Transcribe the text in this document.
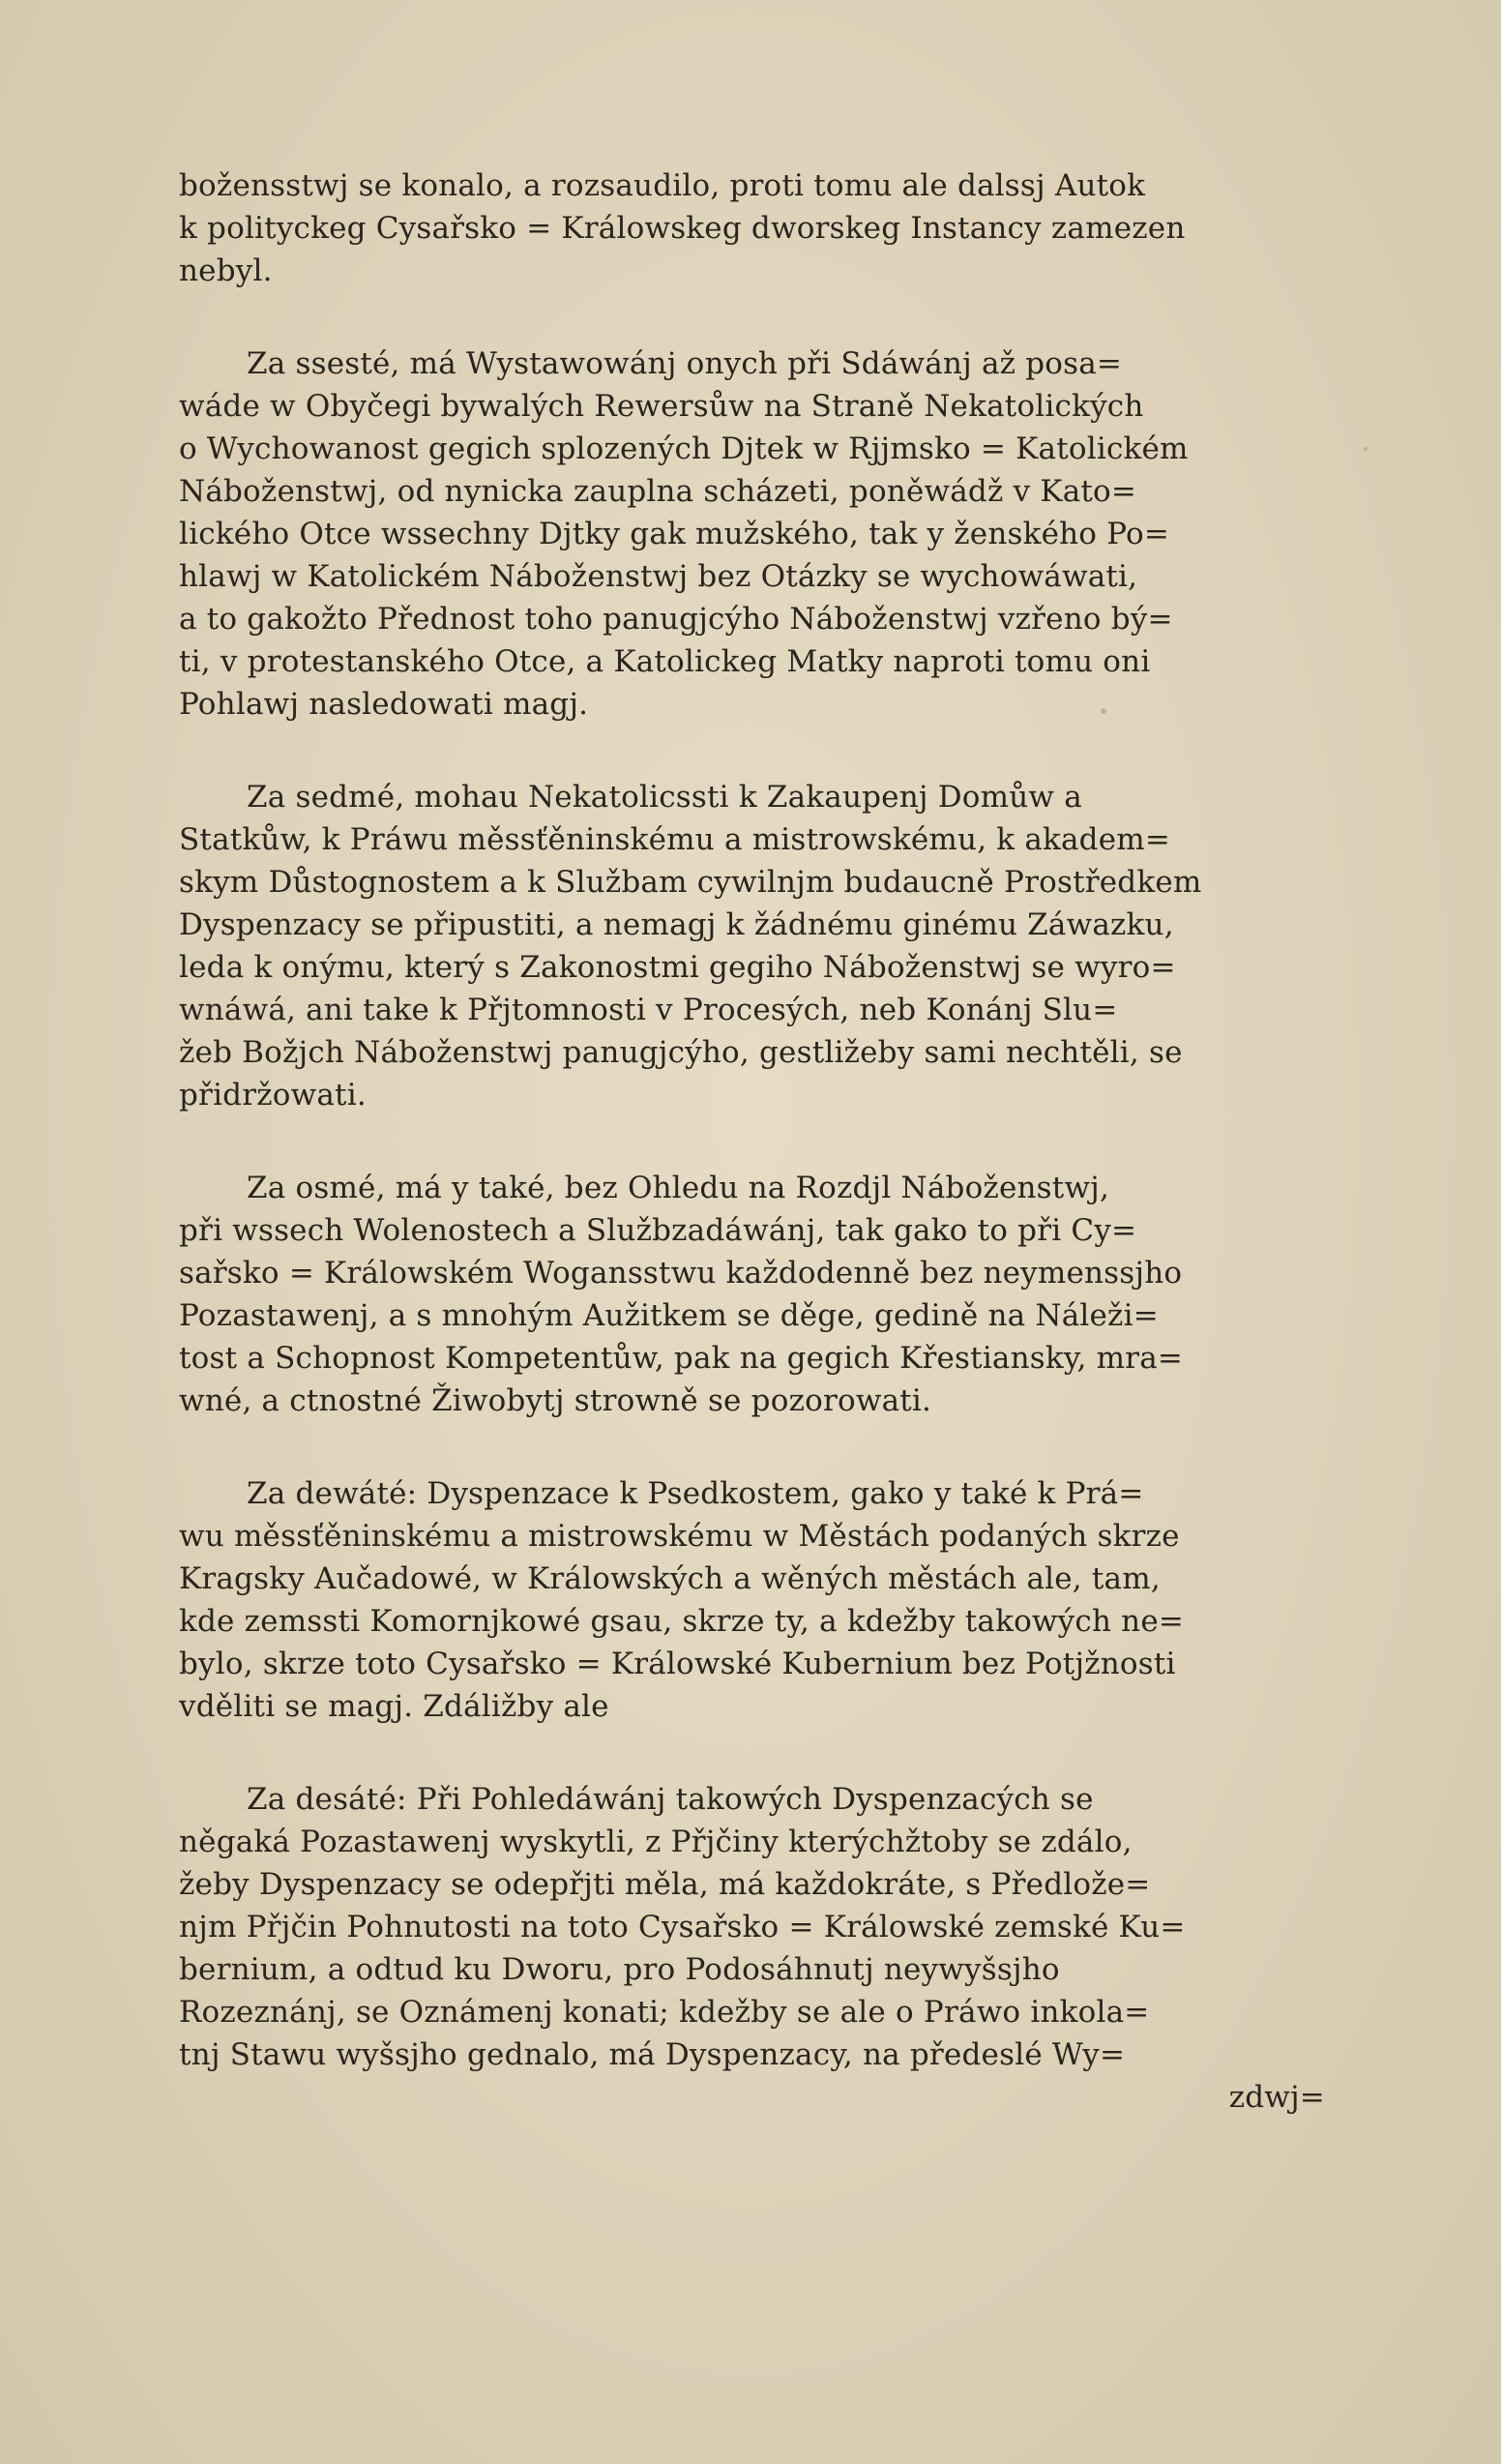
božensstwj se konalo, a rozsaudilo, proti tomu ale dalssj Autok
k polityckeg Cysařsko = Králowskeg dworskeg Instancy zamezen
nebyl.
Za ssesté, má Wystawowánj onych při Sdáwánj až posa=
wáde w Obyčegi bywalých Rewersůw na Straně Nekatolických
o Wychowanost gegich splozených Djtek w Rjjmsko = Katolickém
Náboženstwj, od nynicka zauplna scházeti, poněwádž v Kato=
lického Otce wssechny Djtky gak mužského, tak y ženského Po=
hlawj w Katolickém Náboženstwj bez Otázky se wychowáwati,
a to gakožto Přednost toho panugjcýho Náboženstwj vzřeno bý=
ti, v protestanského Otce, a Katolickeg Matky naproti tomu oni
Pohlawj nasledowati magj.
Za sedmé, mohau Nekatolicssti k Zakaupenj Domůw a
Statkůw, k Práwu měssťěninskému a mistrowskému, k akadem=
skym Důstognostem a k Službam cywilnjm budaucně Prostředkem
Dyspenzacy se připustiti, a nemagj k žádnému ginému Záwazku,
leda k onýmu, který s Zakonostmi gegiho Náboženstwj se wyro=
wnáwá, ani take k Přjtomnosti v Procesých, neb Konánj Slu=
žeb Božjch Náboženstwj panugjcýho, gestližeby sami nechtěli, se
přidržowati.
Za osmé, má y také, bez Ohledu na Rozdjl Náboženstwj,
při wssech Wolenostech a Službzadáwánj, tak gako to při Cy=
sařsko = Králowském Wogansstwu každodenně bez neymenssjho
Pozastawenj, a s mnohým Aužitkem se děge, gedině na Náleži=
tost a Schopnost Kompetentůw, pak na gegich Křestiansky, mra=
wné, a ctnostné Žiwobytj strowně se pozorowati.
Za dewáté: Dyspenzace k Psedkostem, gako y také k Prá=
wu měssťěninskému a mistrowskému w Městách podaných skrze
Kragsky Aučadowé, w Králowských a wěných městách ale, tam,
kde zemssti Komornjkowé gsau, skrze ty, a kdežby takowých ne=
bylo, skrze toto Cysařsko = Králowské Kubernium bez Potjžnosti
vděliti se magj. Zdáližby ale
Za desáté: Při Pohledáwánj takowých Dyspenzacých se
něgaká Pozastawenj wyskytli, z Přjčiny kterýchžtoby se zdálo,
žeby Dyspenzacy se odepřjti měla, má každokráte, s Předlože=
njm Přjčin Pohnutosti na toto Cysařsko = Králowské zemské Ku=
bernium, a odtud ku Dworu, pro Podosáhnutj neywyšsjho
Rozeznánj, se Oznámenj konati; kdežby se ale o Práwo inkola=
tnj Stawu wyšsjho gednalo, má Dyspenzacy, na předeslé Wy=
zdwj=
